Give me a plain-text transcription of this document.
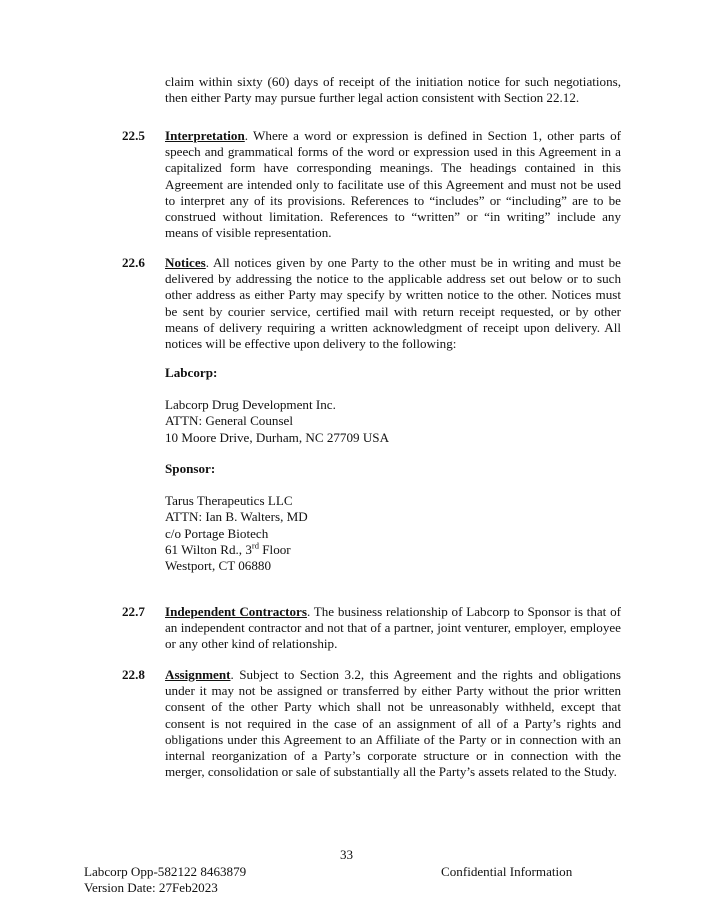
claim within sixty (60) days of receipt of the initiation notice for such negotiations, then either Party may pursue further legal action consistent with Section 22.12.
22.5 Interpretation. Where a word or expression is defined in Section 1, other parts of speech and grammatical forms of the word or expression used in this Agreement in a capitalized form have corresponding meanings. The headings contained in this Agreement are intended only to facilitate use of this Agreement and must not be used to interpret any of its provisions. References to “includes” or “including” are to be construed without limitation. References to “written” or “in writing” include any means of visible representation.
22.6 Notices. All notices given by one Party to the other must be in writing and must be delivered by addressing the notice to the applicable address set out below or to such other address as either Party may specify by written notice to the other. Notices must be sent by courier service, certified mail with return receipt requested, or by other means of delivery requiring a written acknowledgment of receipt upon delivery. All notices will be effective upon delivery to the following:
Labcorp:
Labcorp Drug Development Inc.
ATTN: General Counsel
10 Moore Drive, Durham, NC 27709 USA
Sponsor:
Tarus Therapeutics LLC
ATTN: Ian B. Walters, MD
c/o Portage Biotech
61 Wilton Rd., 3rd Floor
Westport, CT 06880
22.7 Independent Contractors. The business relationship of Labcorp to Sponsor is that of an independent contractor and not that of a partner, joint venturer, employer, employee or any other kind of relationship.
22.8 Assignment. Subject to Section 3.2, this Agreement and the rights and obligations under it may not be assigned or transferred by either Party without the prior written consent of the other Party which shall not be unreasonably withheld, except that consent is not required in the case of an assignment of all of a Party’s rights and obligations under this Agreement to an Affiliate of the Party or in connection with an internal reorganization of a Party’s corporate structure or in connection with the merger, consolidation or sale of substantially all the Party’s assets related to the Study.
33
Labcorp Opp-582122 8463879	Confidential Information
Version Date: 27Feb2023
